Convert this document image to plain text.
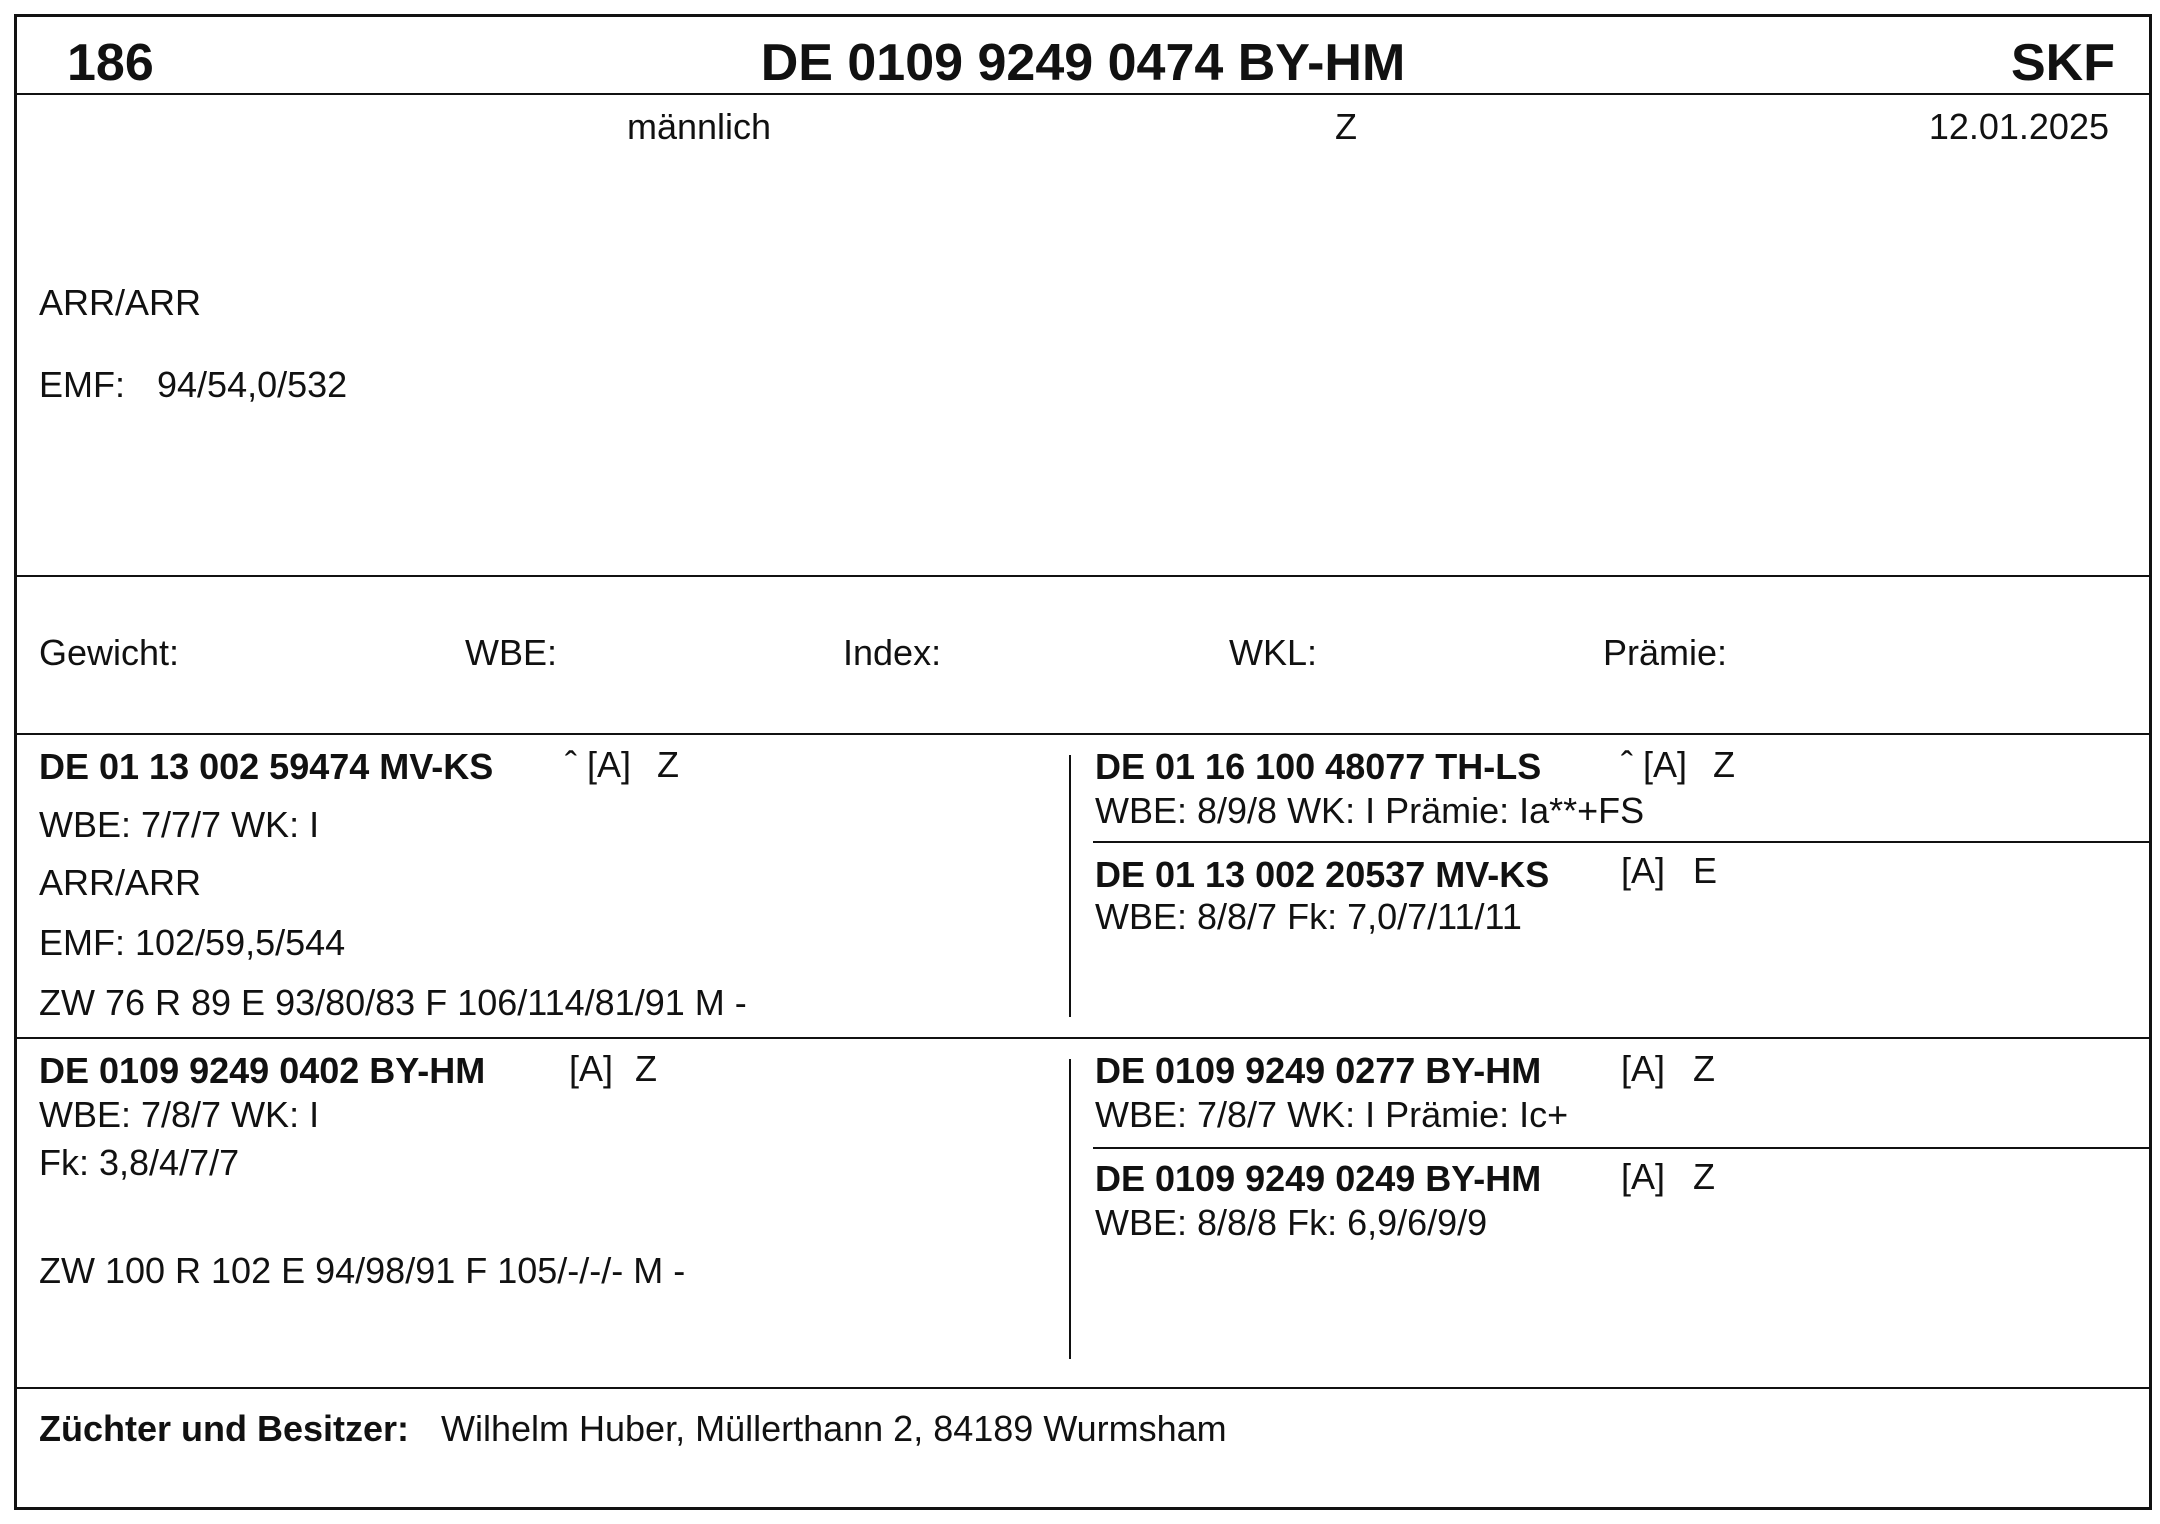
186	DE 0109 9249 0474 BY-HM	SKF
männlich	Z	12.01.2025
ARR/ARR
EMF: 94/54,0/532
Gewicht:	WBE:	Index:	WKL:	Prämie:
DE 01 13 002 59474 MV-KS ˆ [A] Z
WBE: 7/7/7 WK: I
ARR/ARR
EMF: 102/59,5/544
ZW 76 R 89 E 93/80/83 F 106/114/81/91 M -
DE 01 16 100 48077 TH-LS ˆ [A] Z
WBE: 8/9/8 WK: I Prämie: Ia**+FS
DE 01 13 002 20537 MV-KS [A] E
WBE: 8/8/7 Fk: 7,0/7/11/11
DE 0109 9249 0402 BY-HM [A] Z
WBE: 7/8/7 WK: I
Fk: 3,8/4/7/7
ZW 100 R 102 E 94/98/91 F 105/-/-/- M -
DE 0109 9249 0277 BY-HM [A] Z
WBE: 7/8/7 WK: I Prämie: Ic+
DE 0109 9249 0249 BY-HM [A] Z
WBE: 8/8/8 Fk: 6,9/6/9/9
Züchter und Besitzer: Wilhelm Huber, Müllerthann 2, 84189 Wurmsham
